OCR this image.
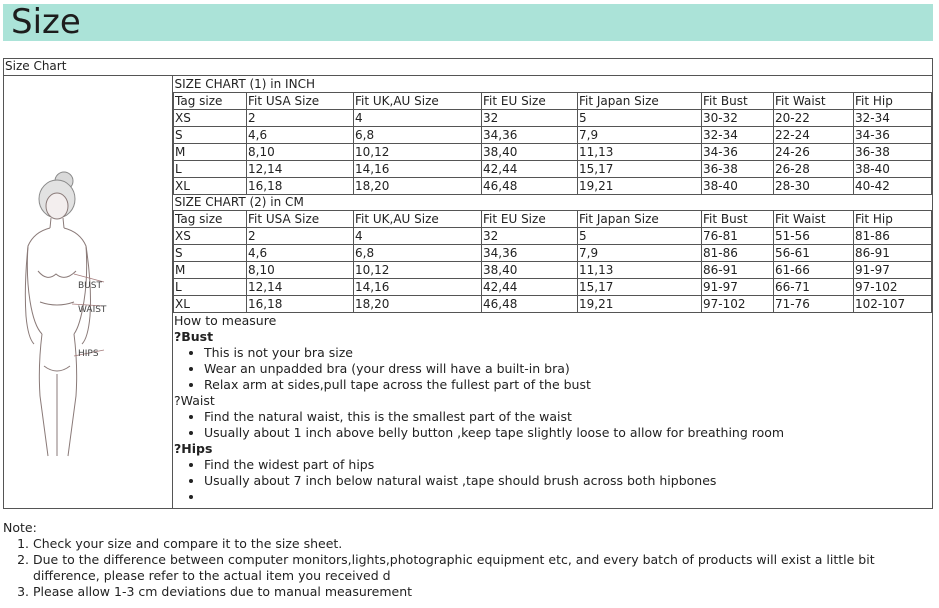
Size
Size Chart

BUST
WAIST
HIPS

SIZE CHART (1) in INCH
Tag size	Fit USA Size	Fit UK,AU Size	Fit EU Size	Fit Japan Size	Fit Bust	Fit Waist	Fit Hip
XS	2	4	32	5	30-32	20-22	32-34
S	4,6	6,8	34,36	7,9	32-34	22-24	34-36
M	8,10	10,12	38,40	11,13	34-36	24-26	36-38
L	12,14	14,16	42,44	15,17	36-38	26-28	38-40
XL	16,18	18,20	46,48	19,21	38-40	28-30	40-42
SIZE CHART (2) in CM
Tag size	Fit USA Size	Fit UK,AU Size	Fit EU Size	Fit Japan Size	Fit Bust	Fit Waist	Fit Hip
XS	2	4	32	5	76-81	51-56	81-86
S	4,6	6,8	34,36	7,9	81-86	56-61	86-91
M	8,10	10,12	38,40	11,13	86-91	61-66	91-97
L	12,14	14,16	42,44	15,17	91-97	66-71	97-102
XL	16,18	18,20	46,48	19,21	97-102	71-76	102-107
How to measure
?Bust
• This is not your bra size
• Wear an unpadded bra (your dress will have a built-in bra)
• Relax arm at sides,pull tape across the fullest part of the bust
?Waist
• Find the natural waist, this is the smallest part of the waist
• Usually about 1 inch above belly button ,keep tape slightly loose to allow for breathing room
?Hips
• Find the widest part of hips
• Usually about 7 inch below natural waist ,tape should brush across both hipbones
•
Note:
1. Check your size and compare it to the size sheet.
2. Due to the difference between computer monitors,lights,photographic equipment etc, and every batch of products will exist a little bit difference, please refer to the actual item you received d
3. Please allow 1-3 cm deviations due to manual measurement
